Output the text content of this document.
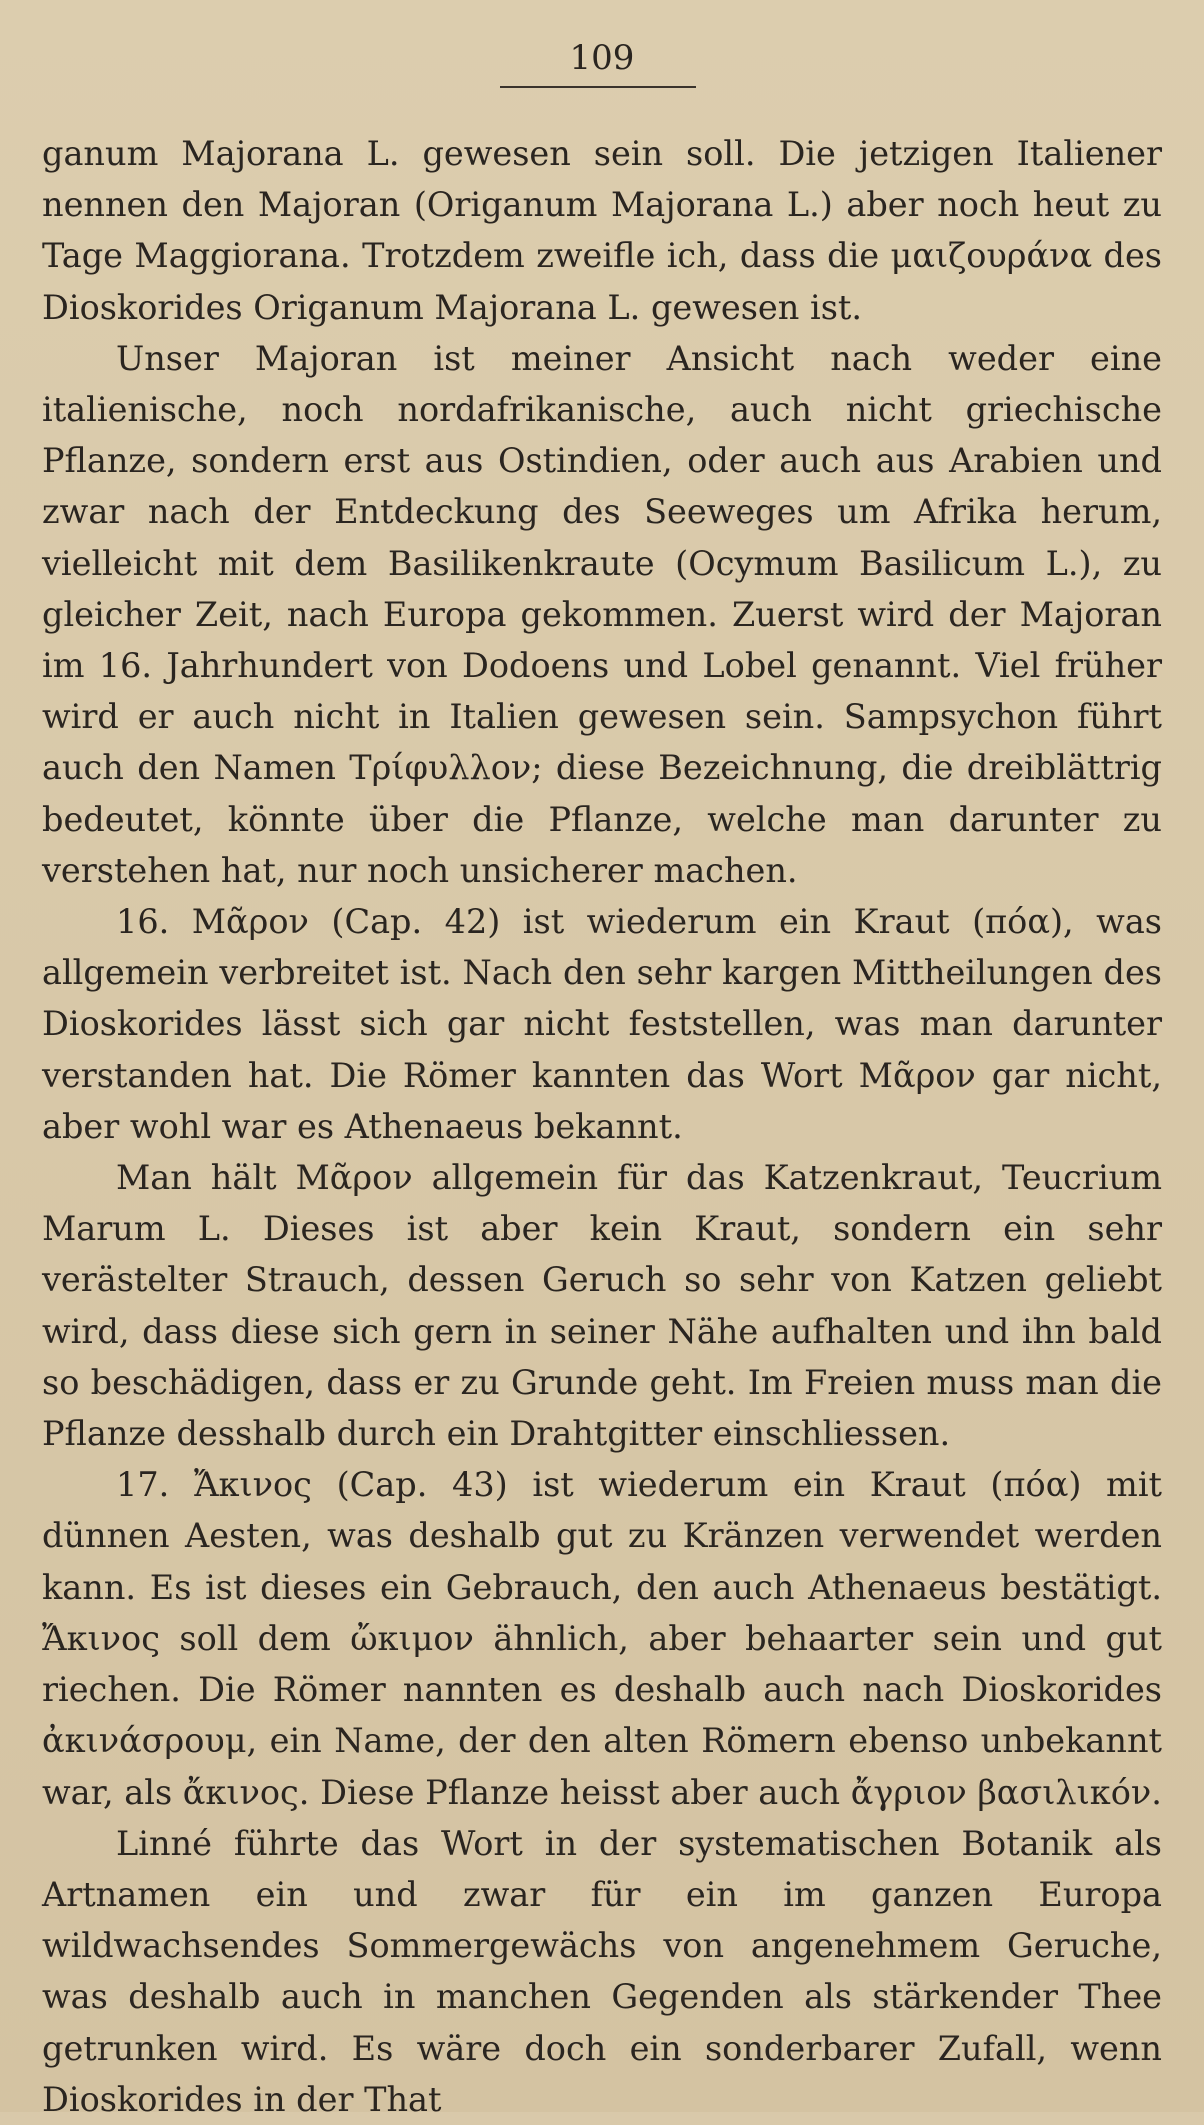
109

ganum Majorana L. gewesen sein soll. Die jetzigen Italiener nennen den Majoran (Origanum Majorana L.) aber noch heut zu Tage Maggiorana. Trotzdem zweifle ich, dass die μαιζουράνα des Dioskorides Origanum Majorana L. gewesen ist.

Unser Majoran ist meiner Ansicht nach weder eine italienische, noch nordafrikanische, auch nicht griechische Pflanze, sondern erst aus Ostindien, oder auch aus Arabien und zwar nach der Entdeckung des Seeweges um Afrika herum, vielleicht mit dem Basilikenkraute (Ocymum Basilicum L.), zu gleicher Zeit, nach Europa gekommen. Zuerst wird der Majoran im 16. Jahrhundert von Dodoens und Lobel genannt. Viel früher wird er auch nicht in Italien gewesen sein. Sampsychon führt auch den Namen Τρίφυλλον; diese Bezeichnung, die dreiblättrig bedeutet, könnte über die Pflanze, welche man darunter zu verstehen hat, nur noch unsicherer machen.

16. Μᾶρον (Cap. 42) ist wiederum ein Kraut (πόα), was allgemein verbreitet ist. Nach den sehr kargen Mittheilungen des Dioskorides lässt sich gar nicht feststellen, was man darunter verstanden hat. Die Römer kannten das Wort Μᾶρον gar nicht, aber wohl war es Athenaeus bekannt.

Man hält Μᾶρον allgemein für das Katzenkraut, Teucrium Marum L. Dieses ist aber kein Kraut, sondern ein sehr verästelter Strauch, dessen Geruch so sehr von Katzen geliebt wird, dass diese sich gern in seiner Nähe aufhalten und ihn bald so beschädigen, dass er zu Grunde geht. Im Freien muss man die Pflanze desshalb durch ein Drahtgitter einschliessen.

17. Ἄκινος (Cap. 43) ist wiederum ein Kraut (πόα) mit dünnen Aesten, was deshalb gut zu Kränzen verwendet werden kann. Es ist dieses ein Gebrauch, den auch Athenaeus bestätigt. Ἄκινος soll dem ὤκιμον ähnlich, aber behaarter sein und gut riechen. Die Römer nannten es deshalb auch nach Dioskorides ἀκινάσρουμ, ein Name, der den alten Römern ebenso unbekannt war, als ἄκινος. Diese Pflanze heisst aber auch ἄγριον βασιλικόν.

Linné führte das Wort in der systematischen Botanik als Artnamen ein und zwar für ein im ganzen Europa wildwachsendes Sommergewächs von angenehmem Geruche, was deshalb auch in manchen Gegenden als stärkender Thee getrunken wird. Es wäre doch ein sonderbarer Zufall, wenn Dioskorides in der That
